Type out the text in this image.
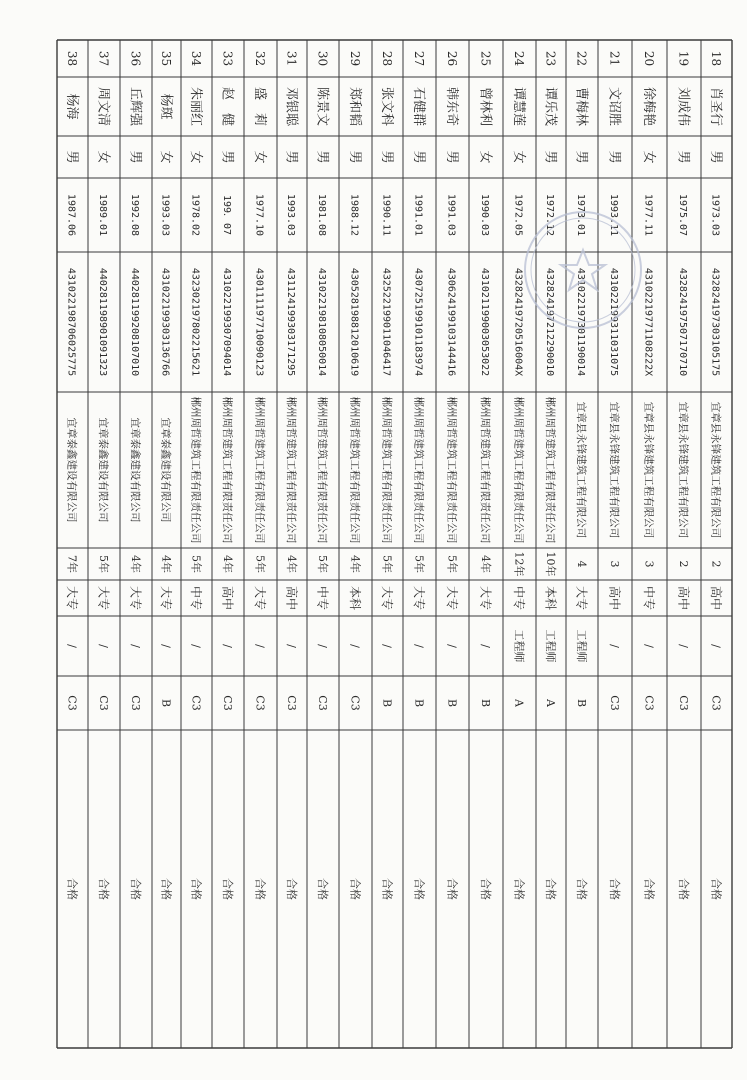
18
肖圣行
男
1973.03
432824197303105175
宜章县永锋建筑工程有限公司
2
高中
/
C3
合格
19
刘成伟
男
1975.07
432824197507170710
宜章县永锋建筑工程有限公司
2
高中
/
C3
合格
20
徐梅艳
女
1977.11
43102219771108222X
宜章县永锋建筑工程有限公司
3
中专
/
C3
合格
21
文诏胜
男
1993.11
431022199311031075
宜章县永锋建筑工程有限公司
3
高中
/
C3
合格
22
曹梅林
男
1973.01
431022197301190014
宜章县永锋建筑工程有限公司
4
大专
工程师
B
合格
23
谭乐茂
男
1972.12
432824197212290010
郴州周哲建筑工程有限责任公司
10年
本科
工程师
A
合格
24
谭慧莲
女
1972.05
43282419720516004X
郴州周哲建筑工程有限责任公司
12年
中专
工程师
A
合格
25
曾林利
女
1990.03
431021199003053022
郴州周哲建筑工程有限责任公司
4年
大专
/
B
合格
26
韩东奇
男
1991.03
430624199103144416
郴州周哲建筑工程有限责任公司
5年
大专
/
B
合格
27
石健群
男
1991.01
430725199101183974
郴州周哲建筑工程有限责任公司
5年
大专
/
B
合格
28
张文科
男
1990.11
432522199011046417
郴州周哲建筑工程有限责任公司
5年
大专
/
B
合格
29
郑和韬
男
1988.12
430528198812010619
郴州周哲建筑工程有限责任公司
4年
本科
/
C3
合格
30
陈景文
男
1981.08
431022198108050014
郴州周哲建筑工程有限责任公司
5年
中专
/
C3
合格
31
邓银聪
男
1993.03
431124199303171295
郴州周哲建筑工程有限责任公司
4年
高中
/
C3
合格
32
盛　莉
女
1977.10
430111197710090123
郴州周哲建筑工程有限责任公司
5年
大专
/
C3
合格
33
赵　健
男
199．07
431022199307094014
郴州周哲建筑工程有限责任公司
4年
高中
/
C3
合格
34
朱丽红
女
1978.02
432302197802215621
郴州周哲建筑工程有限责任公司
5年
中专
/
C3
合格
35
杨斑
女
1993.03
431022199303136766
宜章泰鑫建设有限公司
4年
大专
/
B
合格
36
丘辉强
男
1992.08
440281199208107010
宜章泰鑫建设有限公司
4年
大专
/
C3
合格
37
周文清
女
1989.01
440281198901091323
宜章泰鑫建设有限公司
5年
大专
/
C3
合格
38
杨海
男
1987.06
431022198706025775
宜章泰鑫建设有限公司
7年
大专
/
C3
合格
